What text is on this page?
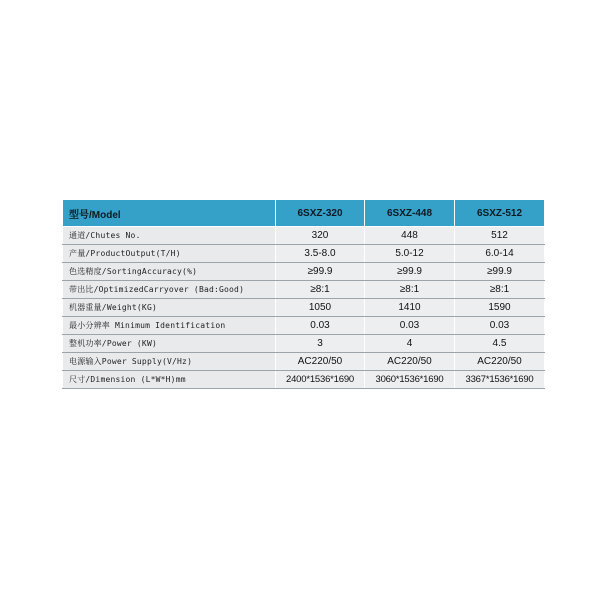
型号/Model	6SXZ-320	6SXZ-448	6SXZ-512
通道/Chutes No.	320	448	512
产量/ProductOutput(T/H)	3.5-8.0	5.0-12	6.0-14
色选精度/SortingAccuracy(%)	≥99.9	≥99.9	≥99.9
带出比/OptimizedCarryover (Bad:Good)	≥8:1	≥8:1	≥8:1
机器重量/Weight(KG)	1050	1410	1590
最小分辨率 Minimum Identification	0.03	0.03	0.03
整机功率/Power (KW)	3	4	4.5
电源输入Power Supply(V/Hz)	AC220/50	AC220/50	AC220/50
尺寸/Dimension (L*W*H)mm	2400*1536*1690	3060*1536*1690	3367*1536*1690
